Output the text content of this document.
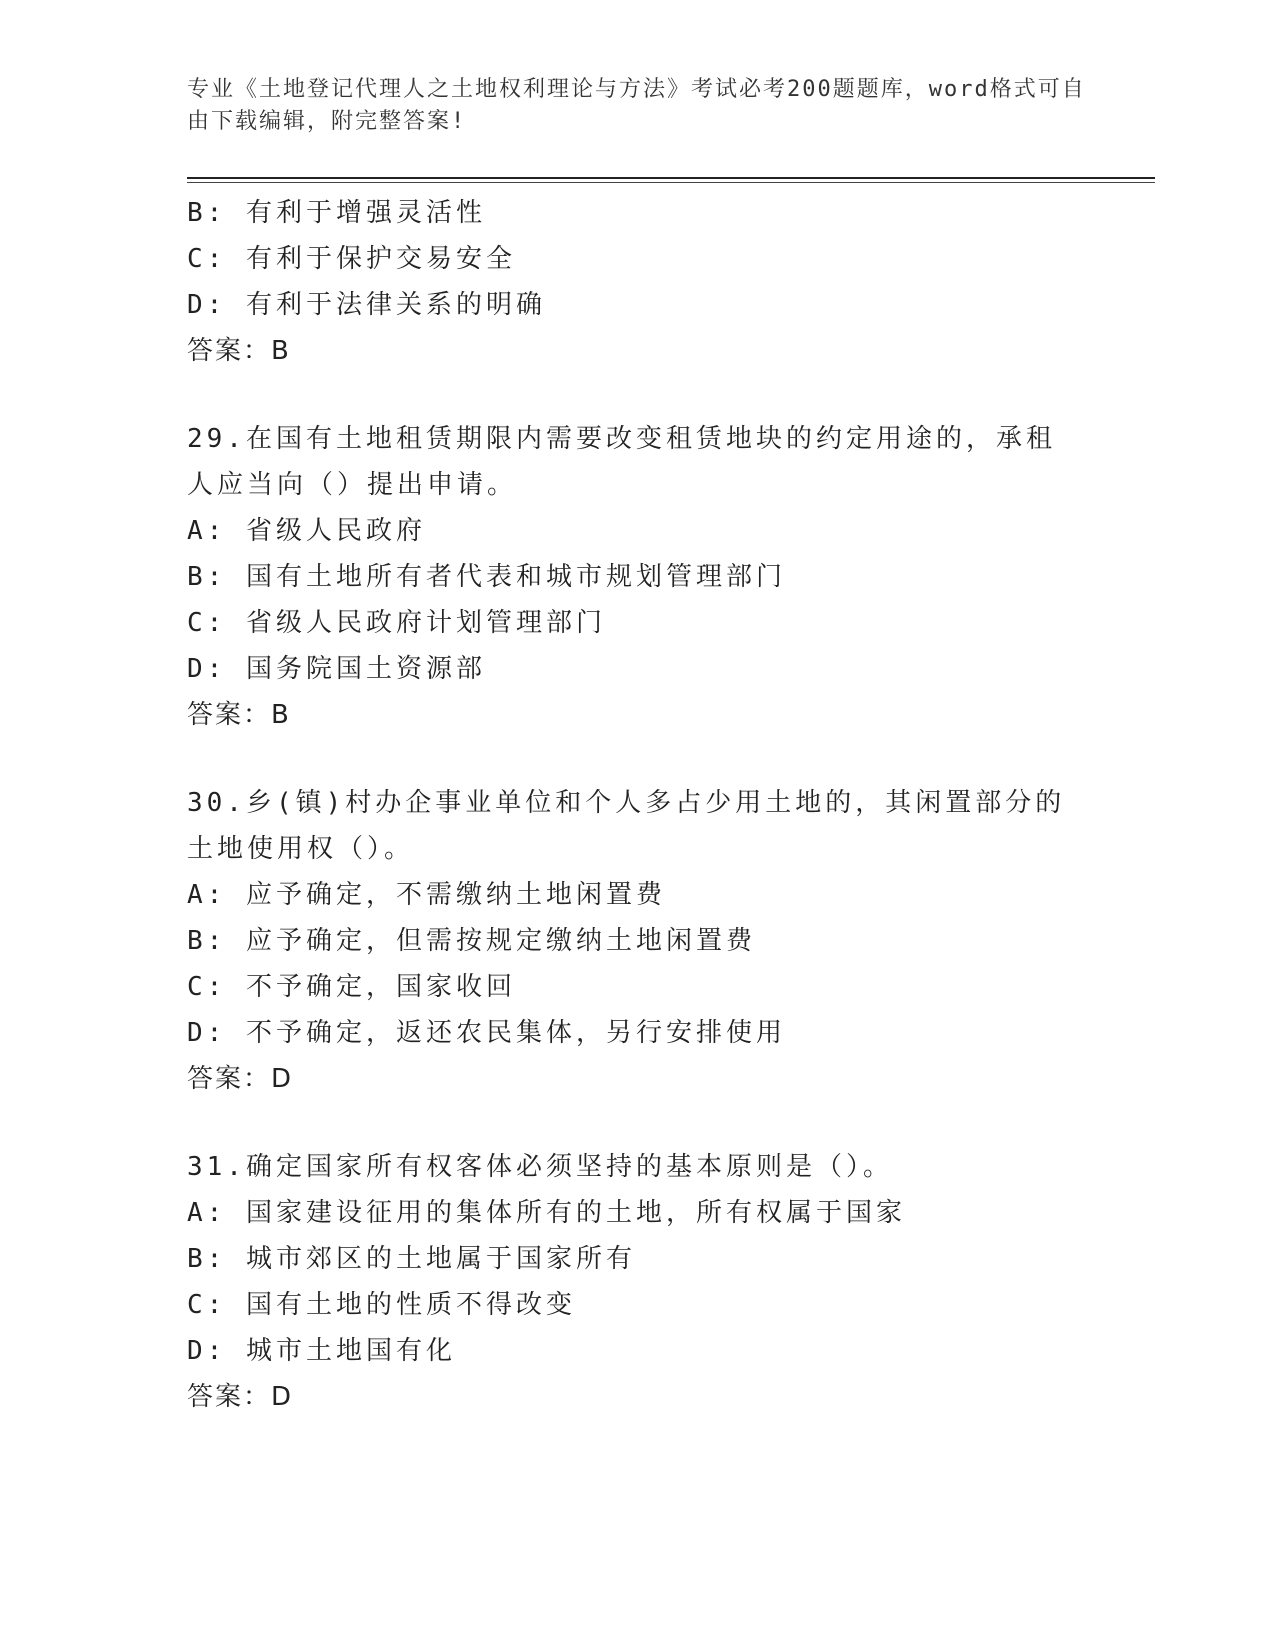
专业《土地登记代理人之土地权利理论与方法》考试必考200题题库，word格式可自由下载编辑，附完整答案!
B: 有利于增强灵活性
C: 有利于保护交易安全
D: 有利于法律关系的明确
答案：B
29.在国有土地租赁期限内需要改变租赁地块的约定用途的，承租人应当向（）提出申请。
A: 省级人民政府
B: 国有土地所有者代表和城市规划管理部门
C: 省级人民政府计划管理部门
D: 国务院国土资源部
答案：B
30.乡(镇)村办企事业单位和个人多占少用土地的，其闲置部分的土地使用权（）。
A: 应予确定，不需缴纳土地闲置费
B: 应予确定，但需按规定缴纳土地闲置费
C: 不予确定，国家收回
D: 不予确定，返还农民集体，另行安排使用
答案：D
31.确定国家所有权客体必须坚持的基本原则是（）。
A: 国家建设征用的集体所有的土地，所有权属于国家
B: 城市郊区的土地属于国家所有
C: 国有土地的性质不得改变
D: 城市土地国有化
答案：D
